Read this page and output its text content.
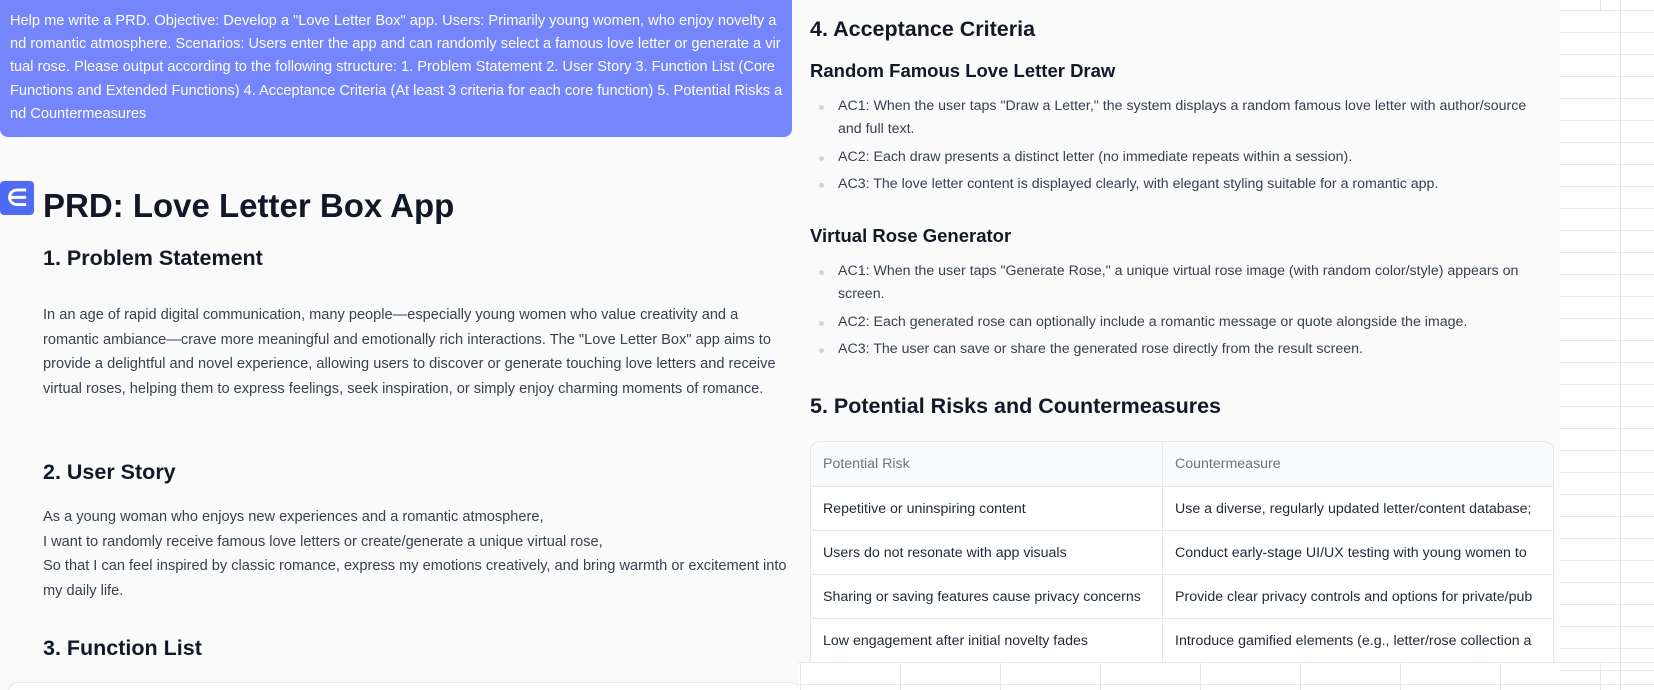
Help me write a PRD. Objective: Develop a "Love Letter Box" app. Users: Primarily young women, who enjoy novelty and romantic atmosphere. Scenarios: Users enter the app and can randomly select a famous love letter or generate a virtual rose. Please output according to the following structure: 1. Problem Statement 2. User Story 3. Function List (Core Functions and Extended Functions) 4. Acceptance Criteria (At least 3 criteria for each core function) 5. Potential Risks and Countermeasures
∈ PRD: Love Letter Box App
1. Problem Statement

In an age of rapid digital communication, many people—especially young women who value creativity and a romantic ambiance—crave more meaningful and emotionally rich interactions. The "Love Letter Box" app aims to provide a delightful and novel experience, allowing users to discover or generate touching love letters and receive virtual roses, helping them to express feelings, seek inspiration, or simply enjoy charming moments of romance.

2. User Story

As a young woman who enjoys new experiences and a romantic atmosphere,
I want to randomly receive famous love letters or create/generate a unique virtual rose,
So that I can feel inspired by classic romance, express my emotions creatively, and bring warmth or excitement into my daily life.

3. Function List
4. Acceptance Criteria
Random Famous Love Letter Draw
AC1: When the user taps "Draw a Letter," the system displays a random famous love letter with author/source and full text.
AC2: Each draw presents a distinct letter (no immediate repeats within a session).
AC3: The love letter content is displayed clearly, with elegant styling suitable for a romantic app.
Virtual Rose Generator
AC1: When the user taps "Generate Rose," a unique virtual rose image (with random color/style) appears on screen.
AC2: Each generated rose can optionally include a romantic message or quote alongside the image.
AC3: The user can save or share the generated rose directly from the result screen.
5. Potential Risks and Countermeasures
Potential Risk	Countermeasure
Repetitive or uninspiring content	Use a diverse, regularly updated letter/content database;
Users do not resonate with app visuals	Conduct early-stage UI/UX testing with young women to
Sharing or saving features cause privacy concerns	Provide clear privacy controls and options for private/pub
Low engagement after initial novelty fades	Introduce gamified elements (e.g., letter/rose collection a
